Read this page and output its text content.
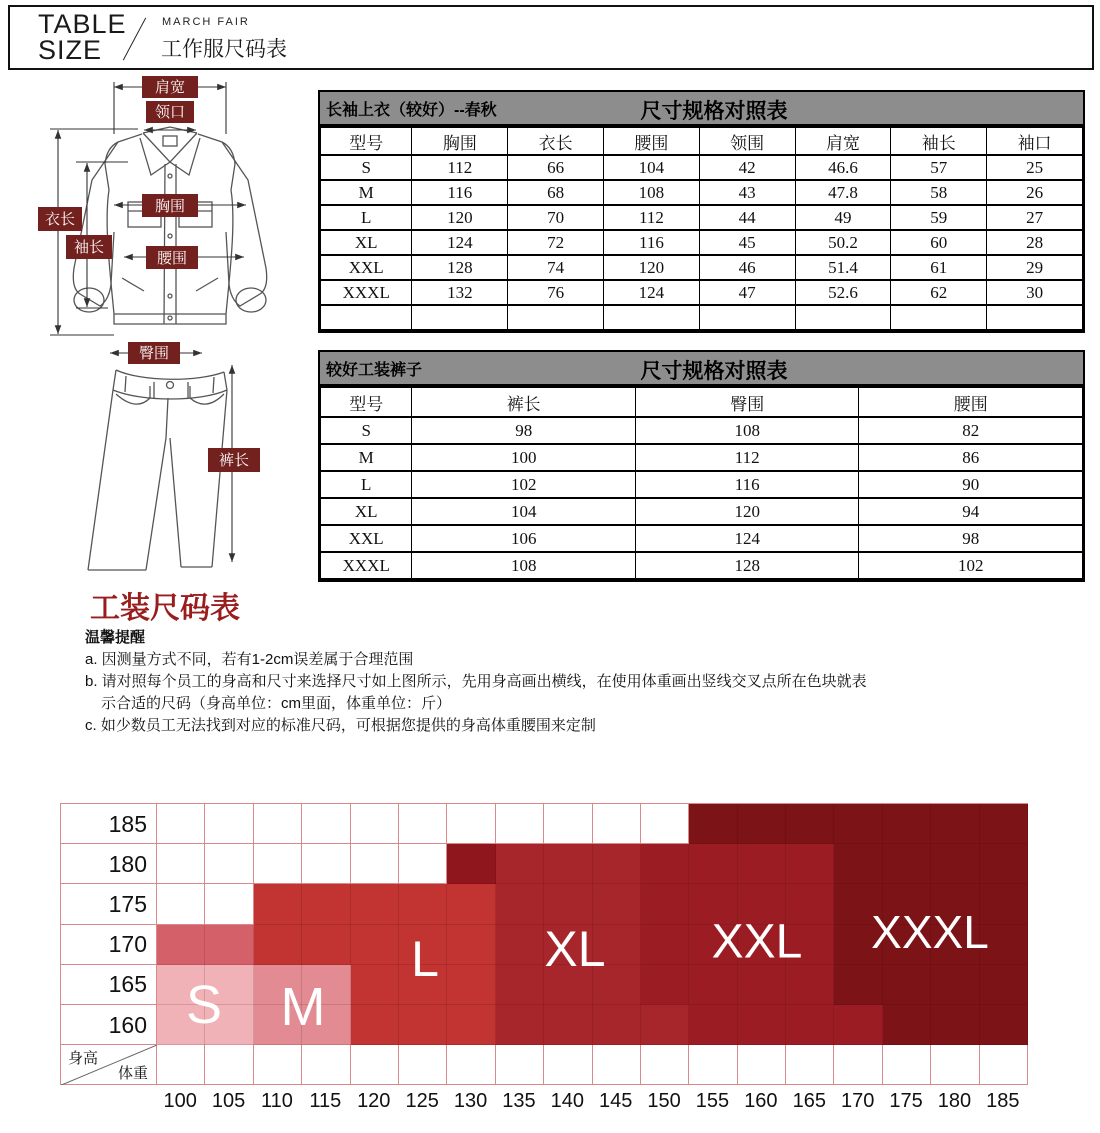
TABLE
SIZE
MARCH FAIR
工作服尺码表
肩宽
领口
衣长
袖长
胸围
腰围
臀围
裤长
长袖上衣（较好）--春秋	尺寸规格对照表
型号	胸围	衣长	腰围	领围	肩宽	袖长	袖口
S	112	66	104	42	46.6	57	25
M	116	68	108	43	47.8	58	26
L	120	70	112	44	49	59	27
XL	124	72	116	45	50.2	60	28
XXL	128	74	120	46	51.4	61	29
XXXL	132	76	124	47	52.6	62	30

较好工装裤子	尺寸规格对照表
型号	裤长	臀围	腰围
S	98	108	82
M	100	112	86
L	102	116	90
XL	104	120	94
XXL	106	124	98
XXXL	108	128	102
工装尺码表
温馨提醒
a. 因测量方式不同，若有1-2cm误差属于合理范围
b. 请对照每个员工的身高和尺寸来选择尺寸如上图所示，先用身高画出横线，在使用体重画出竖线交叉点所在色块就表
示合适的尺码（身高单位：cm里面，体重单位：斤）
c. 如少数员工无法找到对应的标准尺码，可根据您提供的身高体重腰围来定制
185
180
175
170
165
160
身高
体重
100 105 110 115 120 125 130 135 140 145 150 155 160 165 170 175 180 185
S M
L XL XXL XXXL
